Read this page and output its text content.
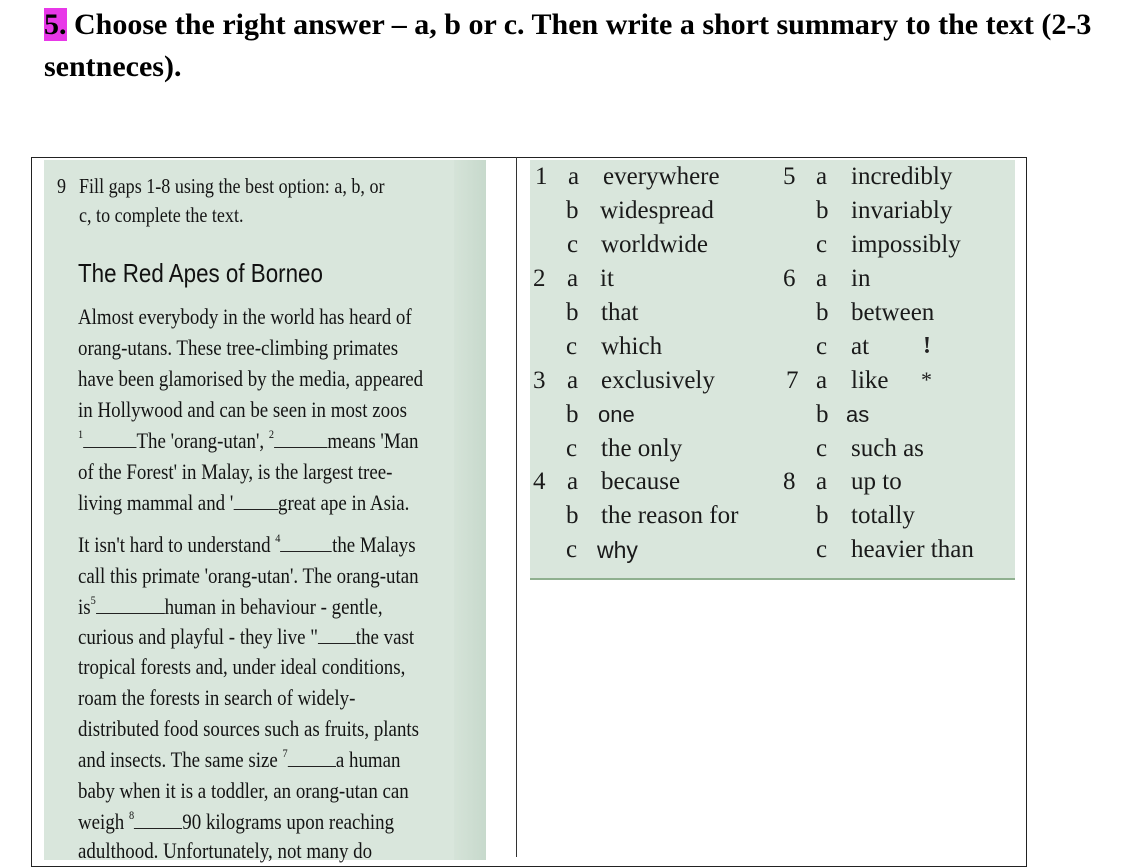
5. Choose the right answer – a, b or c. Then write a short summary to the text (2-3 sentneces).
9 Fill gaps 1-8 using the best option: a, b, or
c, to complete the text.
The Red Apes of Borneo
Almost everybody in the world has heard of
orang-utans. These tree-climbing primates
have been glamorised by the media, appeared
in Hollywood and can be seen in most zoos
$^1$ The 'orang-utan', $^2$ means 'Man
of the Forest' in Malay, is the largest tree-
living mammal and ' great ape in Asia.
It isn't hard to understand $^4$ the Malays
call this primate 'orang-utan'. The orang-utan
$is^5$	human in behaviour - gentle,
curious and playful - they live " the vast
tropical forests and, under ideal conditions,
roam the forests in search of widely-
distributed food sources such as fruits, plants
and insects. The same size $^7$ a human
baby when it is a toddler, an orang-utan can
weigh $^8$ 90 kilograms upon reaching
adulthood. Unfortunately, not many do
1 a everywhere
b widespread
c worldwide
2 a it
b that
c which
3 a exclusively
b one
c the only
4 a because
b the reason for
c why
5 a incredibly
b invariably
c impossibly
6 a in
b between
c at
7 a like
b as
c such as
8 a up to
b totally
c heavier than
!
*
